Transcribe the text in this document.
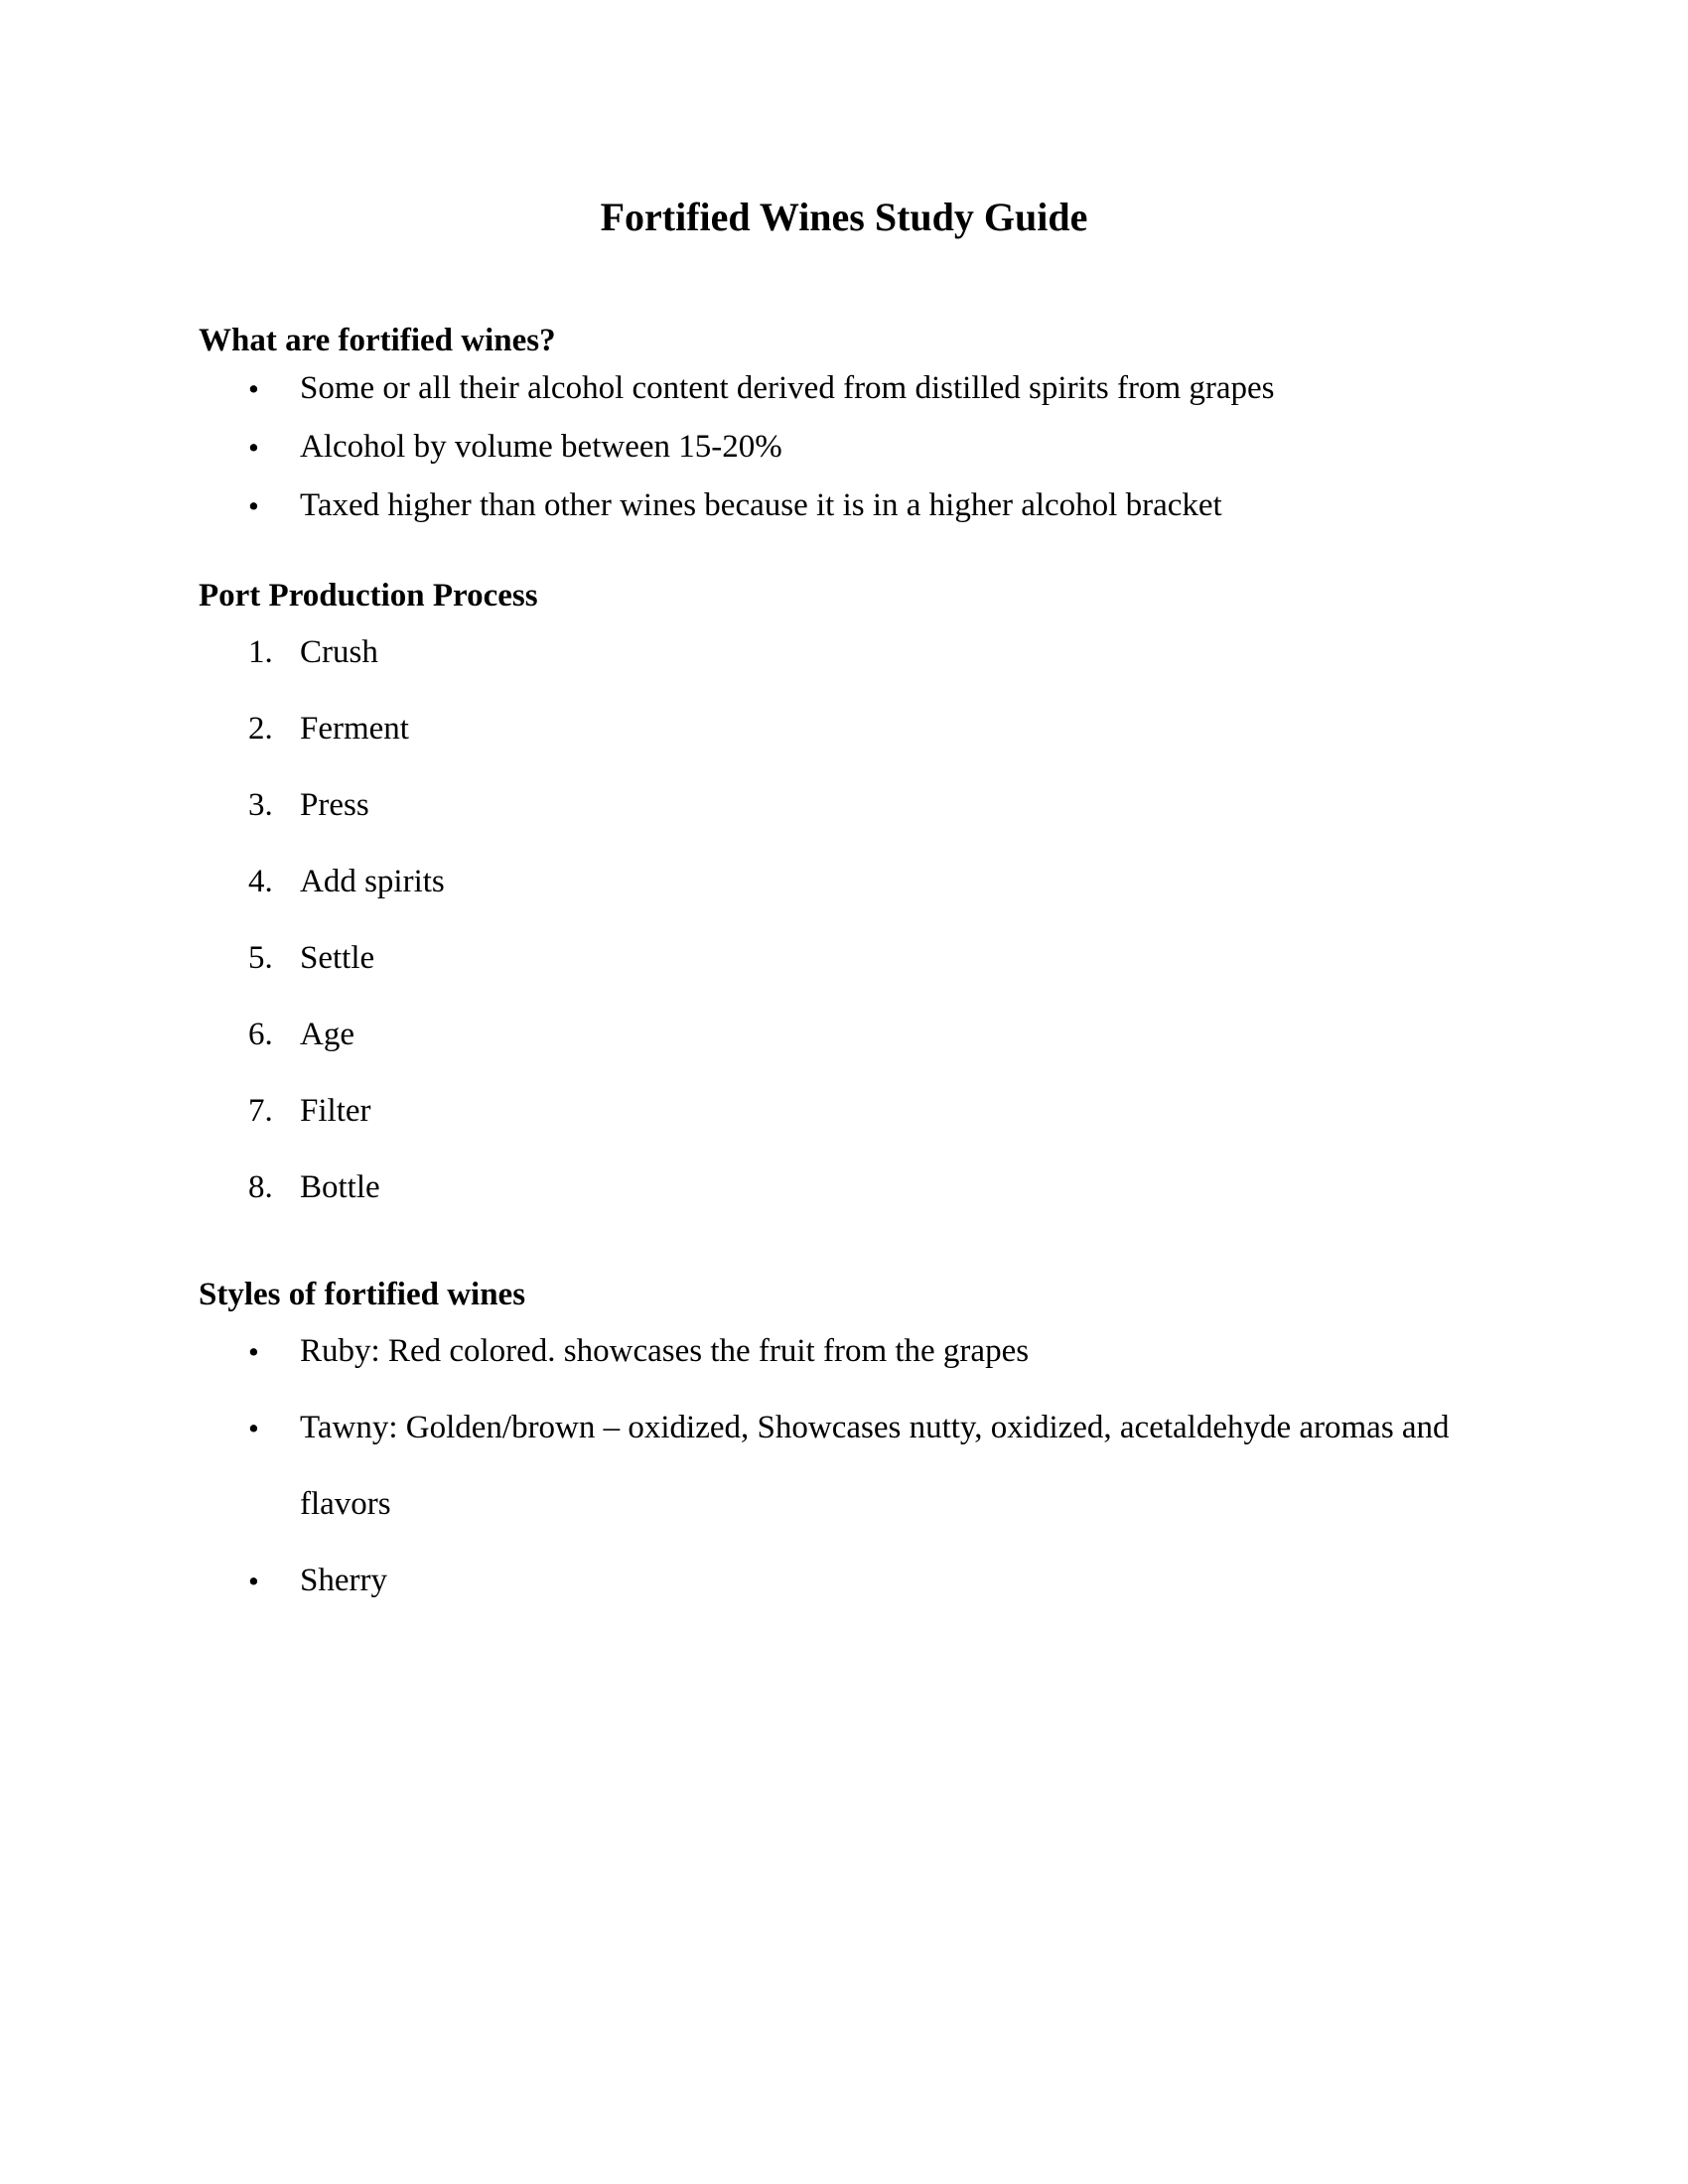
Fortified Wines Study Guide
What are fortified wines?
• Some or all their alcohol content derived from distilled spirits from grapes
• Alcohol by volume between 15-20%
• Taxed higher than other wines because it is in a higher alcohol bracket
Port Production Process
1. Crush
2. Ferment
3. Press
4. Add spirits
5. Settle
6. Age
7. Filter
8. Bottle
Styles of fortified wines
• Ruby: Red colored. showcases the fruit from the grapes
• Tawny: Golden/brown – oxidized, Showcases nutty, oxidized, acetaldehyde aromas and flavors
• Sherry
